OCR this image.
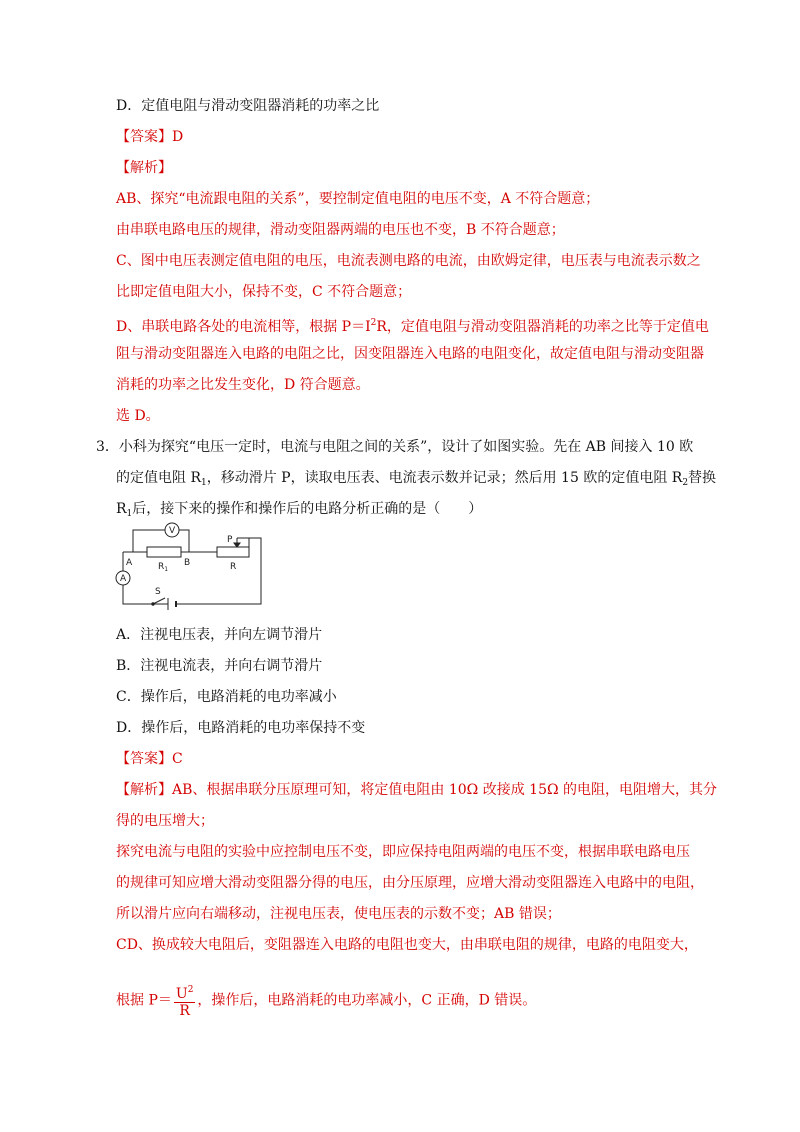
D．定值电阻与滑动变阻器消耗的功率之比
【答案】D
【解析】
AB、探究“电流跟电阻的关系”，要控制定值电阻的电压不变，A 不符合题意；
由串联电路电压的规律，滑动变阻器两端的电压也不变，B 不符合题意；
C、图中电压表测定值电阻的电压，电流表测电路的电流，由欧姆定律，电压表与电流表示数之
比即定值电阻大小，保持不变，C 不符合题意；
D、串联电路各处的电流相等，根据 $P=I^2R$，定值电阻与滑动变阻器消耗的功率之比等于定值电
阻与滑动变阻器连入电路的电阻之比，因变阻器连入电路的电阻变化，故定值电阻与滑动变阻器
消耗的功率之比发生变化，D 符合题意。
选 D。
3．小科为探究“电压一定时，电流与电阻之间的关系”，设计了如图实验。先在 AB 间接入 10 欧
的定值电阻 $R_1$，移动滑片 P，读取电压表、电流表示数并记录；然后用 15 欧的定值电阻 $R_2$替换
$R_1$后，接下来的操作和操作后的电路分析正确的是（　　）
V
A	B
$R_1$
P
R
A
S
A．注视电压表，并向左调节滑片
B．注视电流表，并向右调节滑片
C．操作后，电路消耗的电功率减小
D．操作后，电路消耗的电功率保持不变
【答案】C
【解析】AB、根据串联分压原理可知，将定值电阻由 10Ω 改接成 15Ω 的电阻，电阻增大，其分
得的电压增大；
探究电流与电阻的实验中应控制电压不变，即应保持电阻两端的电压不变，根据串联电路电压
的规律可知应增大滑动变阻器分得的电压，由分压原理，应增大滑动变阻器连入电路中的电阻，
所以滑片应向右端移动，注视电压表，使电压表的示数不变；AB 错误；
CD、换成较大电阻后，变阻器连入电路的电阻也变大，由串联电阻的规律，电路的电阻变大，
根据 $P= \frac{U^2}{R}$ ，操作后，电路消耗的电功率减小，C 正确，D 错误。
